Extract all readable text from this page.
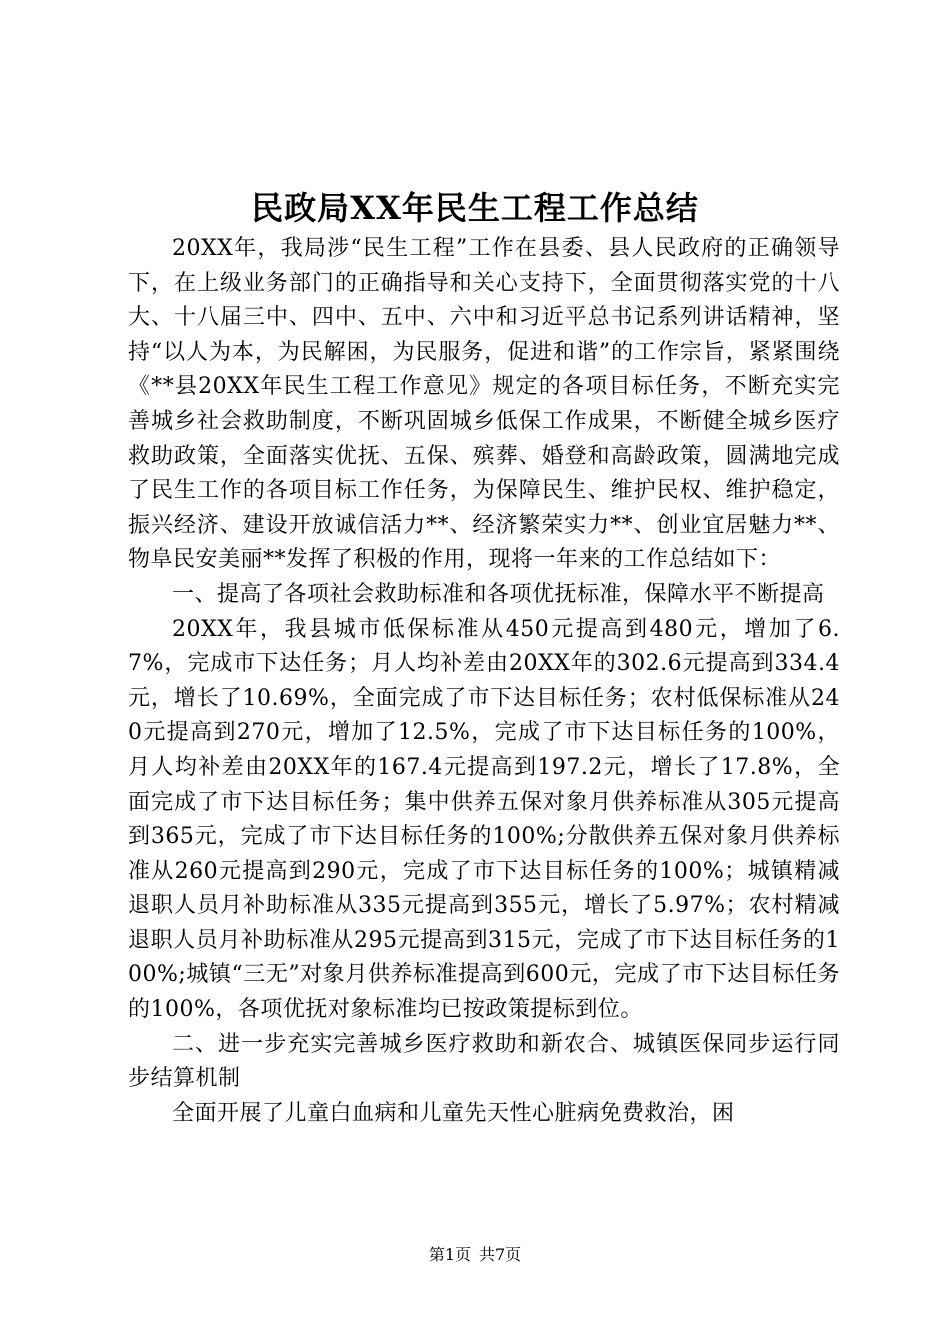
民政局XX年民生工程工作总结

20XX年，我局涉“民生工程”工作在县委、县人民政府的正确领导下，在上级业务部门的正确指导和关心支持下，全面贯彻落实党的十八大、十八届三中、四中、五中、六中和习近平总书记系列讲话精神，坚持“以人为本，为民解困，为民服务，促进和谐”的工作宗旨，紧紧围绕《**县20XX年民生工程工作意见》规定的各项目标任务，不断充实完善城乡社会救助制度，不断巩固城乡低保工作成果，不断健全城乡医疗救助政策，全面落实优抚、五保、殡葬、婚登和高龄政策，圆满地完成了民生工作的各项目标工作任务，为保障民生、维护民权、维护稳定，振兴经济、建设开放诚信活力**、经济繁荣实力**、创业宜居魅力**、物阜民安美丽**发挥了积极的作用，现将一年来的工作总结如下：

一、提高了各项社会救助标准和各项优抚标准，保障水平不断提高

20XX年，我县城市低保标准从450元提高到480元，增加了6.7%，完成市下达任务；月人均补差由20XX年的302.6元提高到334.4元，增长了10.69%，全面完成了市下达目标任务；农村低保标准从240元提高到270元，增加了12.5%，完成了市下达目标任务的100%，月人均补差由20XX年的167.4元提高到197.2元，增长了17.8%，全面完成了市下达目标任务；集中供养五保对象月供养标准从305元提高到365元，完成了市下达目标任务的100%;分散供养五保对象月供养标准从260元提高到290元，完成了市下达目标任务的100%；城镇精减退职人员月补助标准从335元提高到355元，增长了5.97%；农村精减退职人员月补助标准从295元提高到315元，完成了市下达目标任务的100%;城镇“三无”对象月供养标准提高到600元，完成了市下达目标任务的100%，各项优抚对象标准均已按政策提标到位。

二、进一步充实完善城乡医疗救助和新农合、城镇医保同步运行同步结算机制

全面开展了儿童白血病和儿童先天性心脏病免费救治，困

第1页 共7页
